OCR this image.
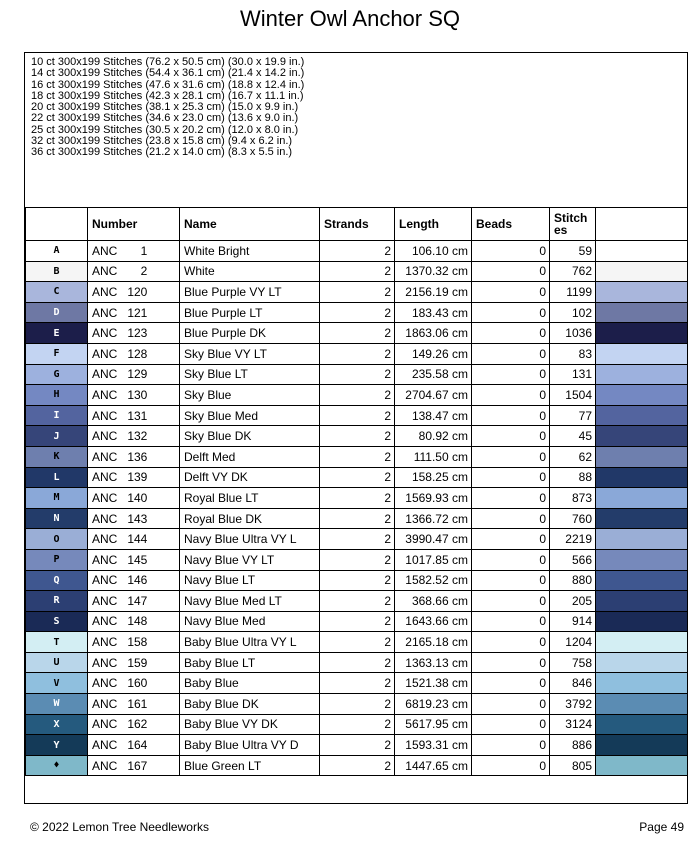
Winter Owl Anchor SQ
10 ct 300x199 Stitches (76.2 x 50.5 cm) (30.0 x 19.9 in.)
14 ct 300x199 Stitches (54.4 x 36.1 cm) (21.4 x 14.2 in.)
16 ct 300x199 Stitches (47.6 x 31.6 cm) (18.8 x 12.4 in.)
18 ct 300x199 Stitches (42.3 x 28.1 cm) (16.7 x 11.1 in.)
20 ct 300x199 Stitches (38.1 x 25.3 cm) (15.0 x 9.9 in.)
22 ct 300x199 Stitches (34.6 x 23.0 cm) (13.6 x 9.0 in.)
25 ct 300x199 Stitches (30.5 x 20.2 cm) (12.0 x 8.0 in.)
32 ct 300x199 Stitches (23.8 x 15.8 cm) (9.4 x 6.2 in.)
36 ct 300x199 Stitches (21.2 x 14.0 cm) (8.3 x 5.5 in.)
	Number	Name	Strands	Length	Beads	Stitch
es	
A	ANC 1	White Bright	2	106.10 cm	0	59	
B	ANC 2	White	2	1370.32 cm	0	762	
C	ANC 120	Blue Purple VY LT	2	2156.19 cm	0	1199	
D	ANC 121	Blue Purple LT	2	183.43 cm	0	102	
E	ANC 123	Blue Purple DK	2	1863.06 cm	0	1036	
F	ANC 128	Sky Blue VY LT	2	149.26 cm	0	83	
G	ANC 129	Sky Blue LT	2	235.58 cm	0	131	
H	ANC 130	Sky Blue	2	2704.67 cm	0	1504	
I	ANC 131	Sky Blue Med	2	138.47 cm	0	77	
J	ANC 132	Sky Blue DK	2	80.92 cm	0	45	
K	ANC 136	Delft Med	2	111.50 cm	0	62	
L	ANC 139	Delft VY DK	2	158.25 cm	0	88	
M	ANC 140	Royal Blue LT	2	1569.93 cm	0	873	
N	ANC 143	Royal Blue DK	2	1366.72 cm	0	760	
O	ANC 144	Navy Blue Ultra VY L	2	3990.47 cm	0	2219	
P	ANC 145	Navy Blue VY LT	2	1017.85 cm	0	566	
Q	ANC 146	Navy Blue LT	2	1582.52 cm	0	880	
R	ANC 147	Navy Blue Med LT	2	368.66 cm	0	205	
S	ANC 148	Navy Blue Med	2	1643.66 cm	0	914	
T	ANC 158	Baby Blue Ultra VY L	2	2165.18 cm	0	1204	
U	ANC 159	Baby Blue LT	2	1363.13 cm	0	758	
V	ANC 160	Baby Blue	2	1521.38 cm	0	846	
W	ANC 161	Baby Blue DK	2	6819.23 cm	0	3792	
X	ANC 162	Baby Blue VY DK	2	5617.95 cm	0	3124	
Y	ANC 164	Baby Blue Ultra VY D	2	1593.31 cm	0	886	
♦	ANC 167	Blue Green LT	2	1447.65 cm	0	805	
© 2022 Lemon Tree Needleworks	Page 49
